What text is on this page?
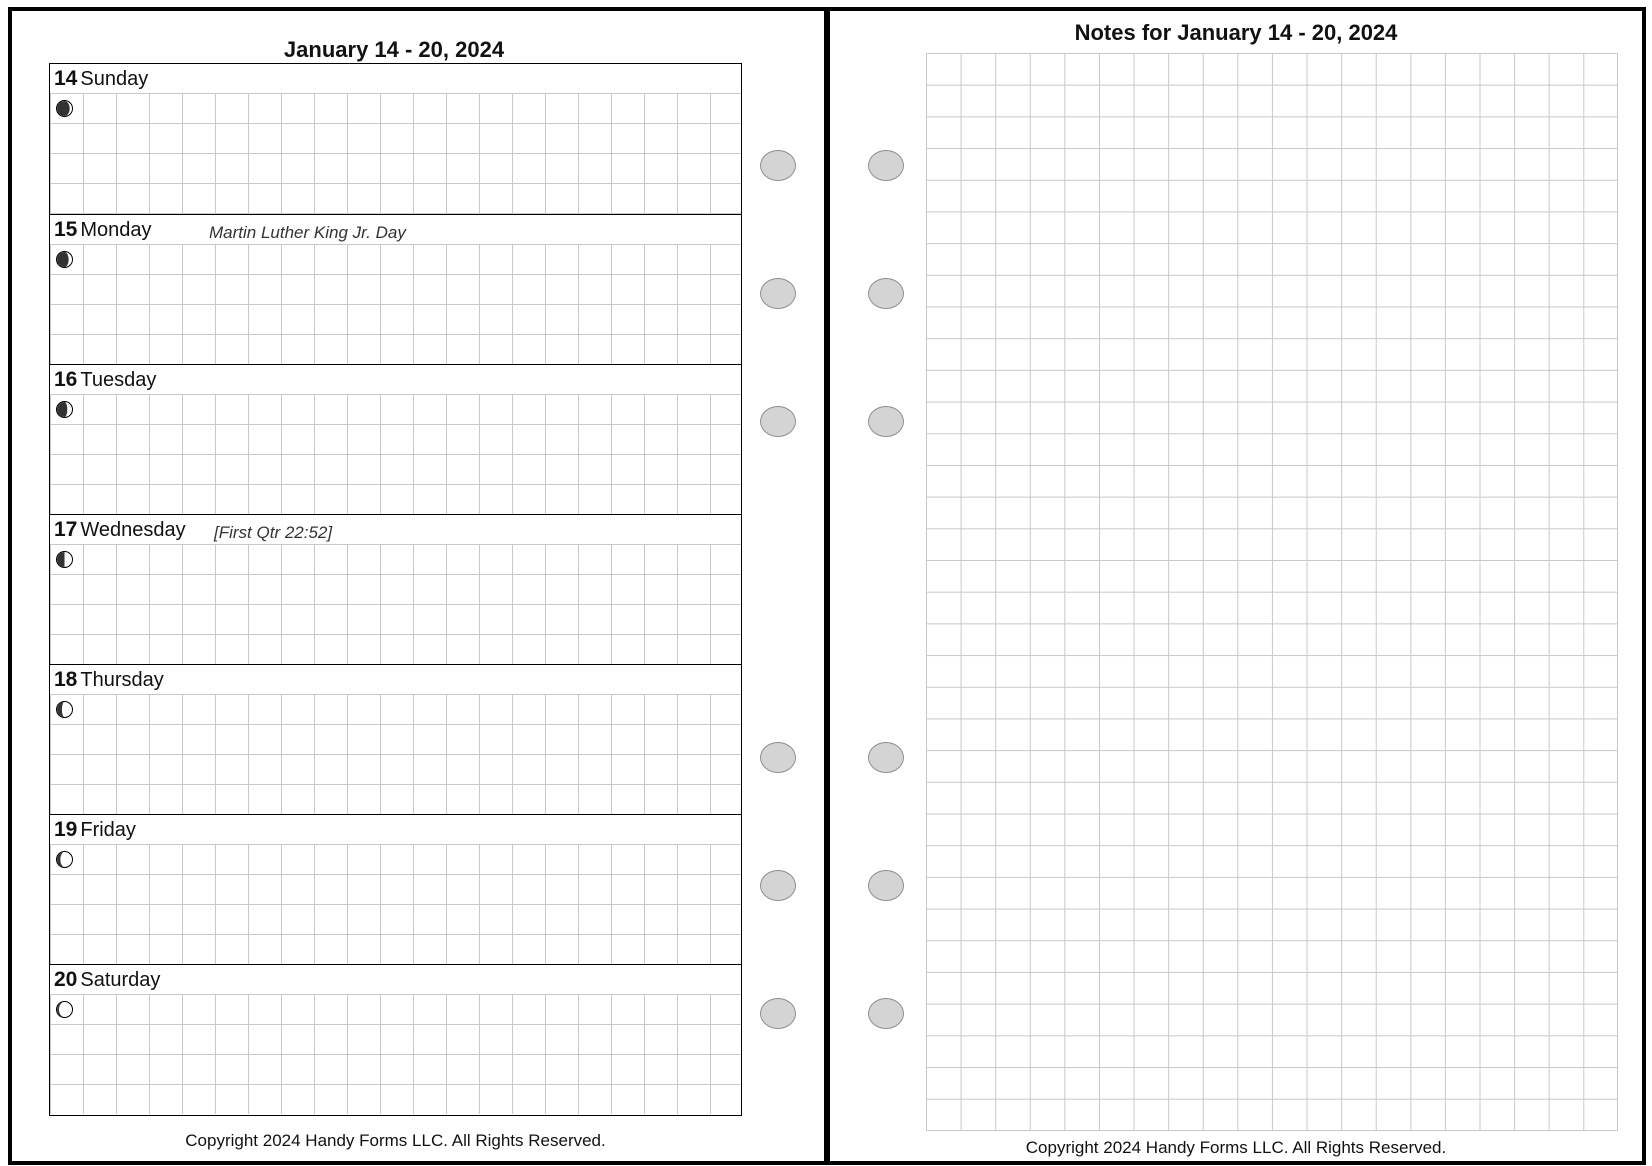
January 14 - 20, 2024
14 Sunday
15 Monday	Martin Luther King Jr. Day
16 Tuesday
17 Wednesday [First Qtr 22:52]
18 Thursday
19 Friday
20 Saturday
Copyright 2024 Handy Forms LLC. All Rights Reserved.
Notes for January 14 - 20, 2024
Copyright 2024 Handy Forms LLC. All Rights Reserved.
